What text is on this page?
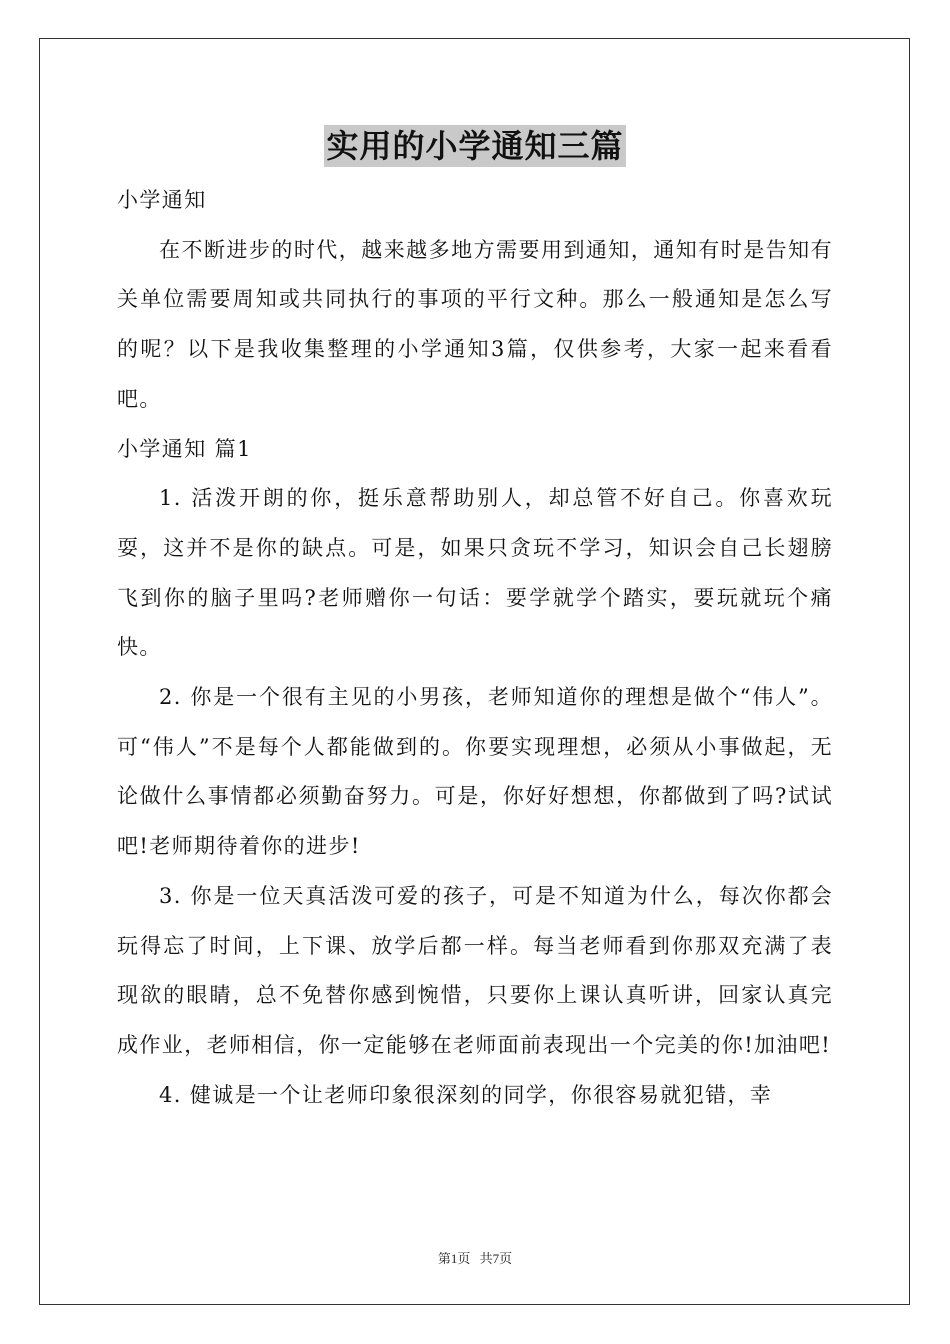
实用的小学通知三篇

小学通知

在不断进步的时代，越来越多地方需要用到通知，通知有时是告知有关单位需要周知或共同执行的事项的平行文种。那么一般通知是怎么写的呢？以下是我收集整理的小学通知3篇，仅供参考，大家一起来看看吧。

小学通知 篇1

1. 活泼开朗的你，挺乐意帮助别人，却总管不好自己。你喜欢玩耍，这并不是你的缺点。可是，如果只贪玩不学习，知识会自己长翅膀飞到你的脑子里吗?老师赠你一句话：要学就学个踏实，要玩就玩个痛快。

2. 你是一个很有主见的小男孩，老师知道你的理想是做个“伟人”。可“伟人”不是每个人都能做到的。你要实现理想，必须从小事做起，无论做什么事情都必须勤奋努力。可是，你好好想想，你都做到了吗?试试吧!老师期待着你的进步!

3. 你是一位天真活泼可爱的孩子，可是不知道为什么，每次你都会玩得忘了时间，上下课、放学后都一样。每当老师看到你那双充满了表现欲的眼睛，总不免替你感到惋惜，只要你上课认真听讲，回家认真完成作业，老师相信，你一定能够在老师面前表现出一个完美的你!加油吧!

4. 健诚是一个让老师印象很深刻的同学，你很容易就犯错，幸

第1页 共7页
